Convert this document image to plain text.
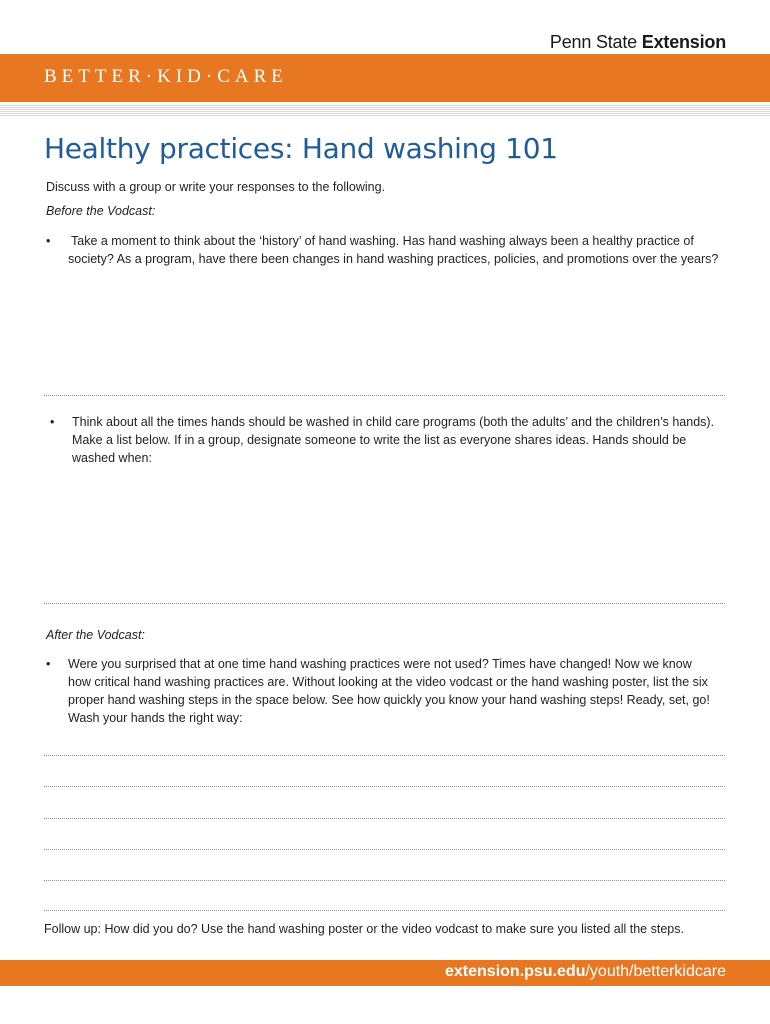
Penn State Extension
BETTER·KID·CARE
Healthy practices: Hand washing 101
Discuss with a group or write your responses to the following.
Before the Vodcast:
• Take a moment to think about the ‘history’ of hand washing. Has hand washing always been a healthy practice of
society? As a program, have there been changes in hand washing practices, policies, and promotions over the years?
• Think about all the times hands should be washed in child care programs (both the adults’ and the children’s hands).
Make a list below. If in a group, designate someone to write the list as everyone shares ideas. Hands should be
washed when:
After the Vodcast:
• Were you surprised that at one time hand washing practices were not used? Times have changed! Now we know
how critical hand washing practices are. Without looking at the video vodcast or the hand washing poster, list the six
proper hand washing steps in the space below. See how quickly you know your hand washing steps! Ready, set, go!
Wash your hands the right way:
Follow up: How did you do? Use the hand washing poster or the video vodcast to make sure you listed all the steps.
extension.psu.edu/youth/betterkidcare
